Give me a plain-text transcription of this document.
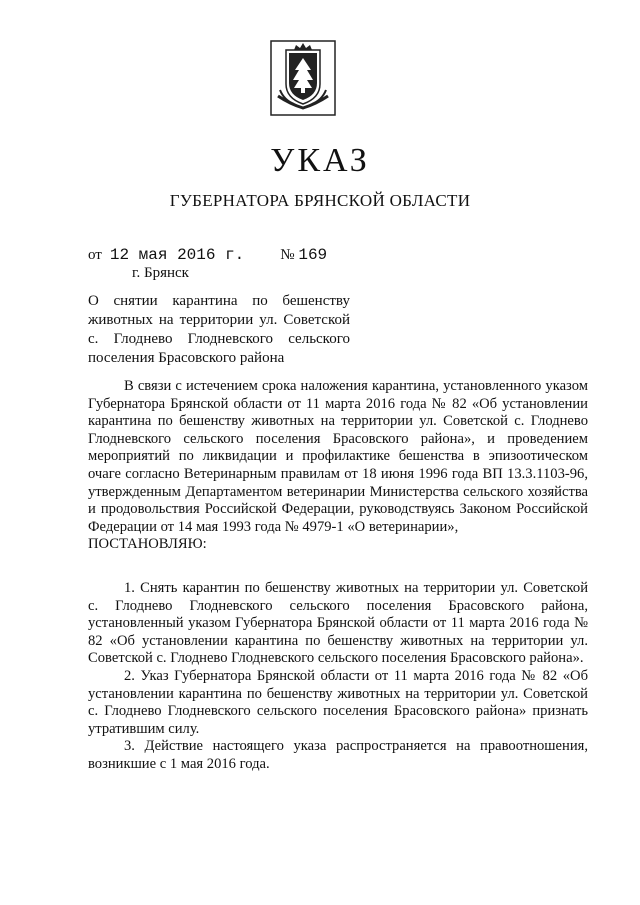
УКАЗ
ГУБЕРНАТОРА БРЯНСКОЙ ОБЛАСТИ
от 12 мая 2016 г. № 169
г. Брянск
О снятии карантина по бешенству
животных на территории ул. Советской
с. Глоднево Глодневского сельского
поселения Брасовского района

В связи с истечением срока наложения карантина, установленного указом Губернатора Брянской области от 11 марта 2016 года № 82 «Об установлении карантина по бешенству животных на территории ул. Советской с. Глоднево Глодневского сельского поселения Брасовского района», и проведением мероприятий по ликвидации и профилактике бешенства в эпизоотическом очаге согласно Ветеринарным правилам от 18 июня 1996 года ВП 13.3.1103-96, утвержденным Департаментом ветеринарии Министерства сельского хозяйства и продовольствия Российской Федерации, руководствуясь Законом Российской Федерации от 14 мая 1993 года № 4979-1 «О ветеринарии»,

ПОСТАНОВЛЯЮ:

1. Снять карантин по бешенству животных на территории ул. Советской с. Глоднево Глодневского сельского поселения Брасовского района, установленный указом Губернатора Брянской области от 11 марта 2016 года № 82 «Об установлении карантина по бешенству животных на территории ул. Советской с. Глоднево Глодневского сельского поселения Брасовского района».

2. Указ Губернатора Брянской области от 11 марта 2016 года № 82 «Об установлении карантина по бешенству животных на территории ул. Советской с. Глоднево Глодневского сельского поселения Брасовского района» признать утратившим силу.

3. Действие настоящего указа распространяется на правоотношения, возникшие с 1 мая 2016 года.
